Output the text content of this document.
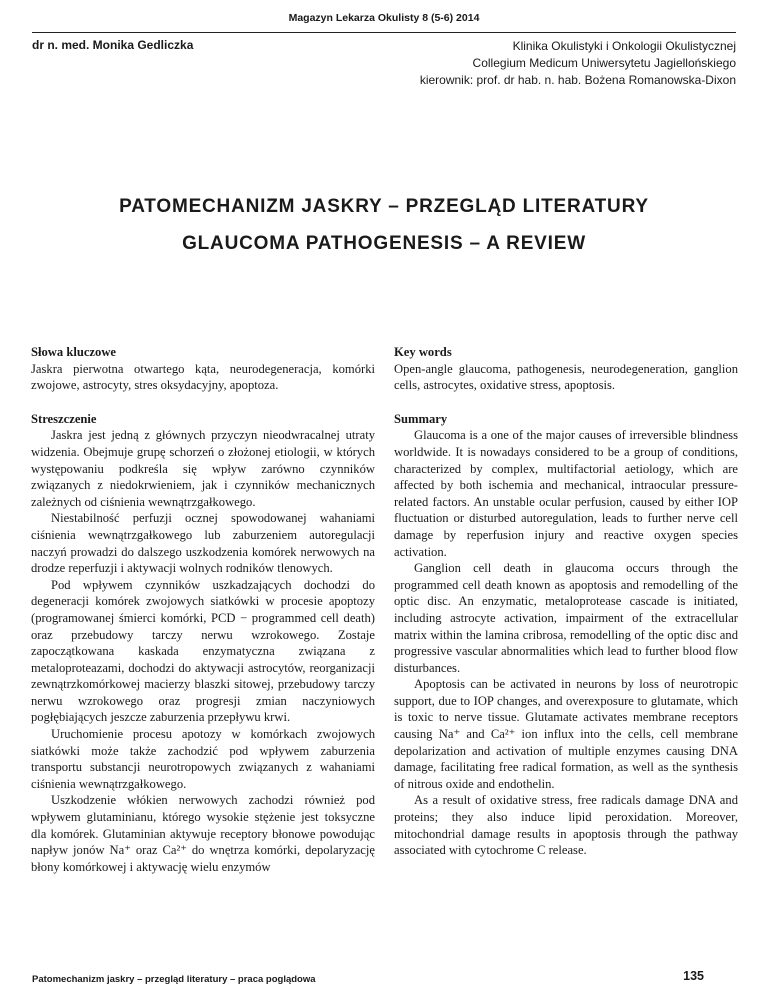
Magazyn Lekarza Okulisty 8 (5-6) 2014
dr n. med. Monika Gedliczka	Klinika Okulistyki i Onkologii Okulistycznej
Collegium Medicum Uniwersytetu Jagiellońskiego
kierownik: prof. dr hab. n. hab. Bożena Romanowska-Dixon
PATOMECHANIZM JASKRY – PRZEGLĄD LITERATURY
GLAUCOMA PATHOGENESIS – A REVIEW
Słowa kluczowe
Jaskra pierwotna otwartego kąta, neurodegeneracja, komórki zwojowe, astrocyty, stres oksydacyjny, apoptoza.
Streszczenie
Jaskra jest jedną z głównych przyczyn nieodwracalnej utraty widzenia. Obejmuje grupę schorzeń o złożonej etiologii, w których występowaniu podkreśla się wpływ zarówno czynników związanych z niedokrwieniem, jak i czynników mechanicznych zależnych od ciśnienia wewnątrzgałkowego.
Niestabilność perfuzji ocznej spowodowanej wahaniami ciśnienia wewnątrzgałkowego lub zaburzeniem autoregulacji naczyń prowadzi do dalszego uszkodzenia komórek nerwowych na drodze reperfuzji i aktywacji wolnych rodników tlenowych.
Pod wpływem czynników uszkadzających dochodzi do degeneracji komórek zwojowych siatkówki w procesie apoptozy (programowanej śmierci komórki, PCD − programmed cell death) oraz przebudowy tarczy nerwu wzrokowego. Zostaje zapoczątkowana kaskada enzymatyczna związana z metaloproteazami, dochodzi do aktywacji astrocytów, reorganizacji zewnątrzkomórkowej macierzy blaszki sitowej, przebudowy tarczy nerwu wzrokowego oraz progresji zmian naczyniowych pogłębiających jeszcze zaburzenia przepływu krwi.
Uruchomienie procesu apotozy w komórkach zwojowych siatkówki może także zachodzić pod wpływem zaburzenia transportu substancji neurotropowych związanych z wahaniami ciśnienia wewnątrzgałkowego.
Uszkodzenie włókien nerwowych zachodzi również pod wpływem glutaminianu, którego wysokie stężenie jest toksyczne dla komórek. Glutaminian aktywuje receptory błonowe powodując napływ jonów Na⁺ oraz Ca²⁺ do wnętrza komórki, depolaryzację błony komórkowej i aktywację wielu enzymów
Key words
Open-angle glaucoma, pathogenesis, neurodegeneration, ganglion cells, astrocytes, oxidative stress, apoptosis.
Summary
Glaucoma is a one of the major causes of irreversible blindness worldwide. It is nowadays considered to be a group of conditions, characterized by complex, multifactorial aetiology, which are affected by both ischemia and mechanical, intraocular pressure-related factors. An unstable ocular perfusion, caused by either IOP fluctuation or disturbed autoregulation, leads to further nerve cell damage by reperfusion injury and reactive oxygen species activation.
Ganglion cell death in glaucoma occurs through the programmed cell death known as apoptosis and remodelling of the optic disc. An enzymatic, metaloprotease cascade is initiated, including astrocyte activation, impairment of the extracellular matrix within the lamina cribrosa, remodelling of the optic disc and progressive vascular abnormalities which lead to further blood flow disturbances.
Apoptosis can be activated in neurons by loss of neurotropic support, due to IOP changes, and overexposure to glutamate, which is toxic to nerve tissue. Glutamate activates membrane receptors causing Na⁺ and Ca²⁺ ion influx into the cells, cell membrane depolarization and activation of multiple enzymes causing DNA damage, facilitating free radical formation, as well as the synthesis of nitrous oxide and endothelin.
As a result of oxidative stress, free radicals damage DNA and proteins; they also induce lipid peroxidation. Moreover, mitochondrial damage results in apoptosis through the pathway associated with cytochrome C release.
Patomechanizm jaskry – przegląd literatury – praca poglądowa	135
